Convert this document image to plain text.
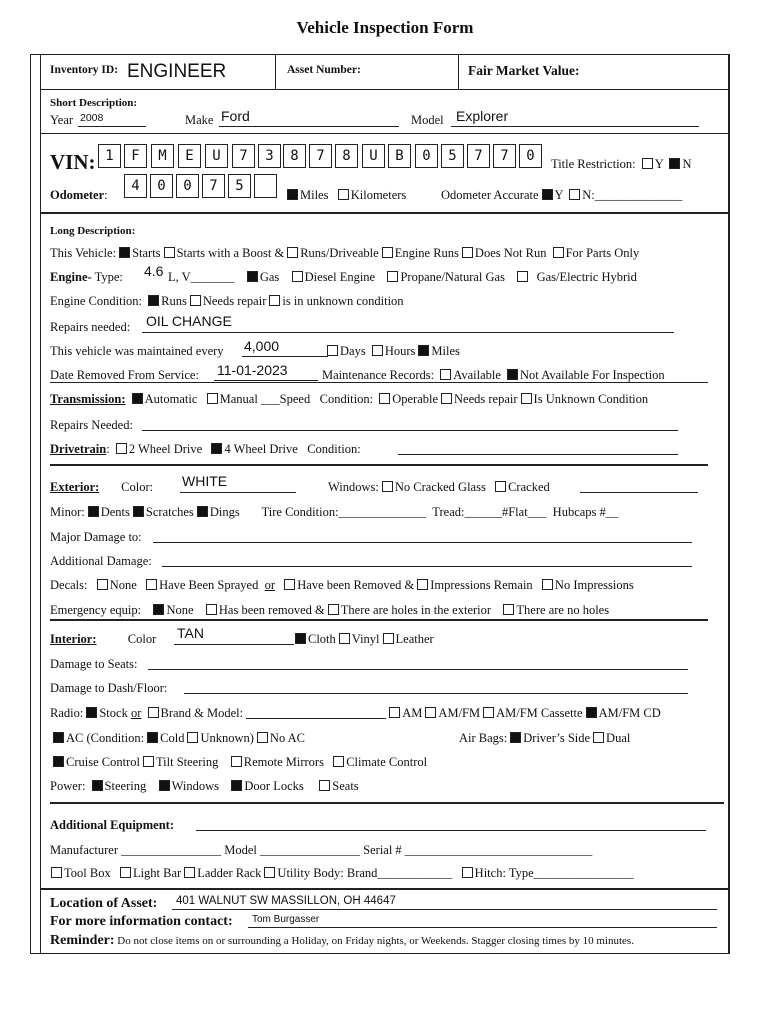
Vehicle Inspection Form
Inventory ID: ENGINEER	Asset Number:	Fair Market Value:
Short Description:
Year 2008	Make Ford	Model Explorer
VIN:	Title Restriction: Y N
Odometer:	Miles Kilometers	Odometer Accurate Y N:______________
Long Description:
This Vehicle: Starts Starts with a Boost & Runs/Driveable Engine Runs Does Not Run For Parts Only
Engine- Type: 4.6 L, V_______ Gas Diesel Engine Propane/Natural Gas	Gas/Electric Hybrid
Engine Condition: Runs Needs repair is in unknown condition
Repairs needed: OIL CHANGE
This vehicle was maintained every 4,000	Days Hours Miles
Date Removed From Service: 11-01-2023	Maintenance Records: Available Not Available For Inspection
Transmission: Automatic Manual ___Speed Condition: Operable Needs repair Is Unknown Condition
Repairs Needed:
Drivetrain: 2 Wheel Drive 4 Wheel Drive Condition:
Exterior: Color: WHITE	Windows: No Cracked Glass Cracked
Minor: Dents Scratches Dings Tire Condition:______________ Tread:______#Flat___ Hubcaps #__
Major Damage to:
Additional Damage:
Decals: None Have Been Sprayed or Have been Removed & Impressions Remain No Impressions
Emergency equip: None Has been removed & There are holes in the exterior There are no holes
Interior:	Color TAN	Cloth Vinyl Leather
Damage to Seats:
Damage to Dash/Floor:
Radio: Stock or Brand & Model:	AM AM/FM AM/FM Cassette AM/FM CD
AC (Condition: Cold Unknown) No AC	Air Bags: Driver’s Side Dual
Cruise Control Tilt Steering Remote Mirrors Climate Control
Power: Steering Windows Door Locks Seats
Additional Equipment:
Manufacturer ________________ Model ________________ Serial # ______________________________
Tool Box Light Bar Ladder Rack Utility Body: Brand____________ Hitch: Type________________
Location of Asset: 401 WALNUT SW MASSILLON, OH 44647
For more information contact: Tom Burgasser
Reminder: Do not close items on or surrounding a Holiday, on Friday nights, or Weekends. Stagger closing times by 10 minutes.
1	F	M	E	U	7	3	8	7	8	U	B	0	5	7	7	0
4	0	0	7	5
